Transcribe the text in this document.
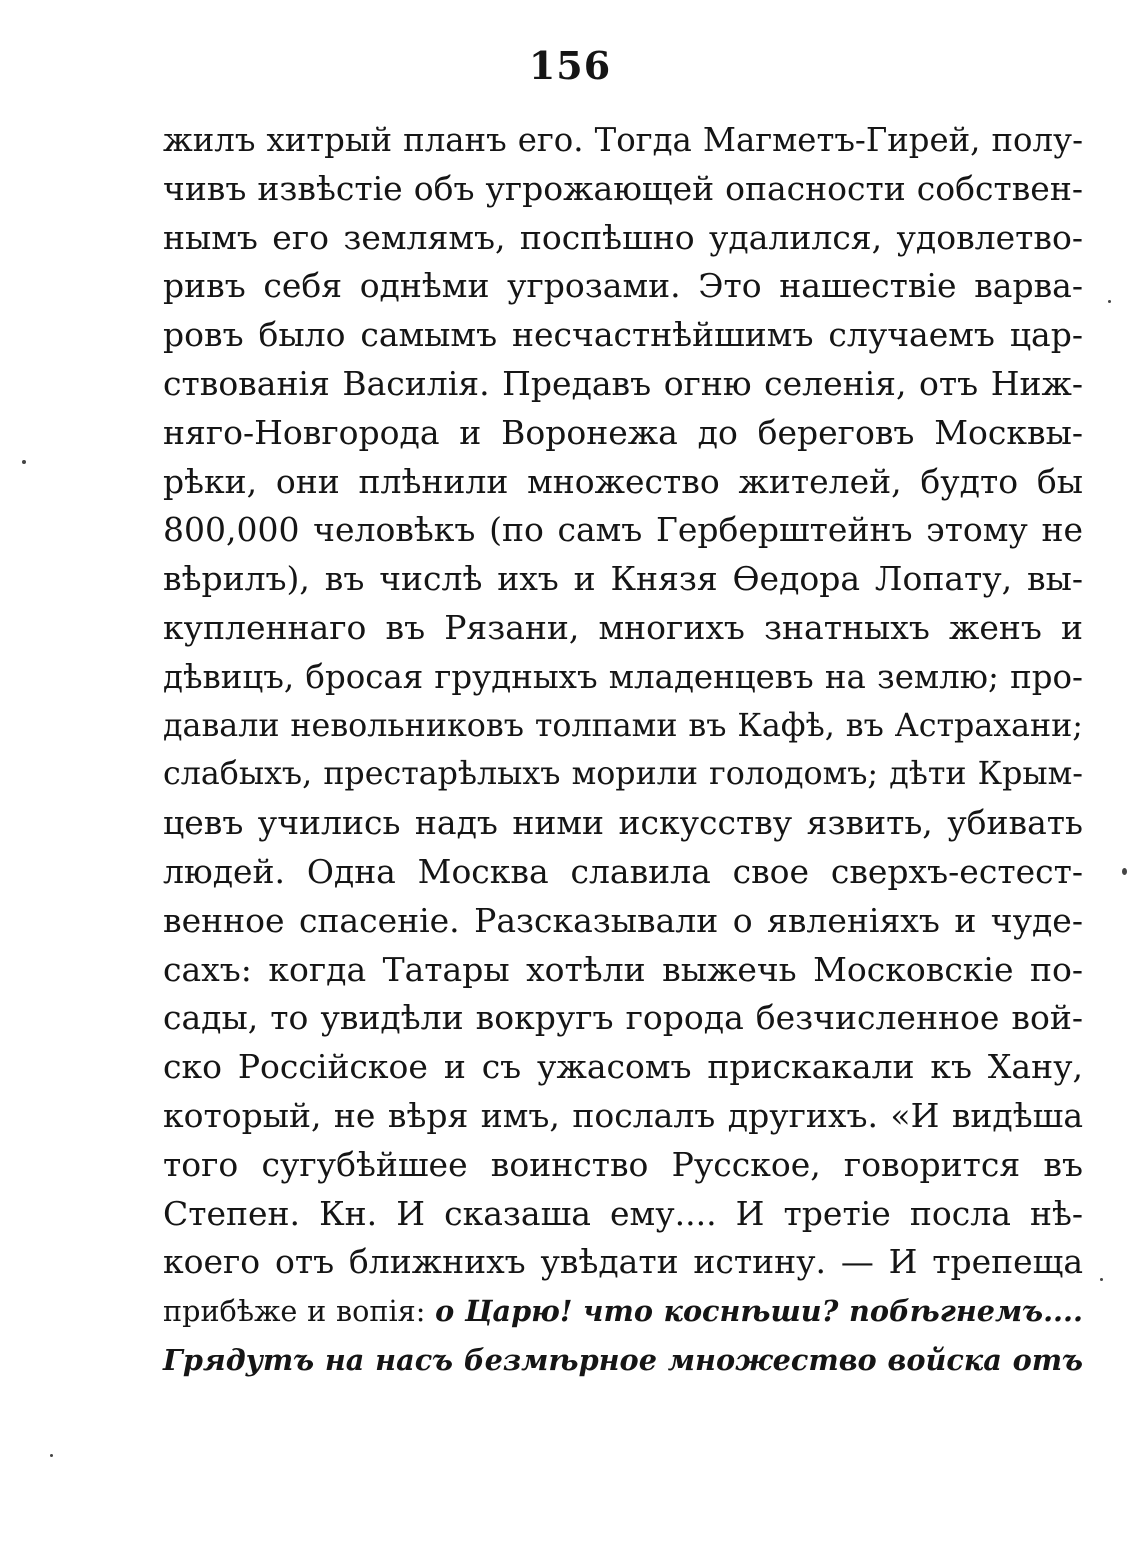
156
жилъ хитрый планъ его. Тогда Магметъ-Гирей, полу-
чивъ извѣстіе объ угрожающей опасности собствен-
нымъ его землямъ, поспѣшно удалился, удовлетво-
ривъ себя однѣми угрозами. Это нашествіе варва-
ровъ было самымъ несчастнѣйшимъ случаемъ цар-
ствованія Василія. Предавъ огню селенія, отъ Ниж-
няго-Новгорода и Воронежа до береговъ Москвы-
рѣки, они плѣнили множество жителей, будто бы
800,000 человѣкъ (по самъ Герберштейнъ этому не
вѣрилъ), въ числѣ ихъ и Князя Ѳедора Лопату, вы-
купленнаго въ Рязани, многихъ знатныхъ женъ и
дѣвицъ, бросая грудныхъ младенцевъ на землю; про-
давали невольниковъ толпами въ Кафѣ, въ Астрахани;
слабыхъ, престарѣлыхъ морили голодомъ; дѣти Крым-
цевъ учились надъ ними искусству язвить, убивать
людей. Одна Москва славила свое сверхъ-естест-
венное спасеніе. Разсказывали о явленіяхъ и чуде-
сахъ: когда Татары хотѣли выжечь Московскіе по-
сады, то увидѣли вокругъ города безчисленное вой-
ско Россійское и съ ужасомъ прискакали къ Хану,
который, не вѣря имъ, послалъ другихъ. «И видѣша
того сугубѣйшее воинство Русское, говорится въ
Степен. Кн. И сказаша ему.... И третіе посла нѣ-
коего отъ ближнихъ увѣдати истину. — И трепеща
прибѣже и вопія: о Царю! что коснѣши? побѣгнемъ....
Грядутъ на насъ безмѣрное множество войска отъ
